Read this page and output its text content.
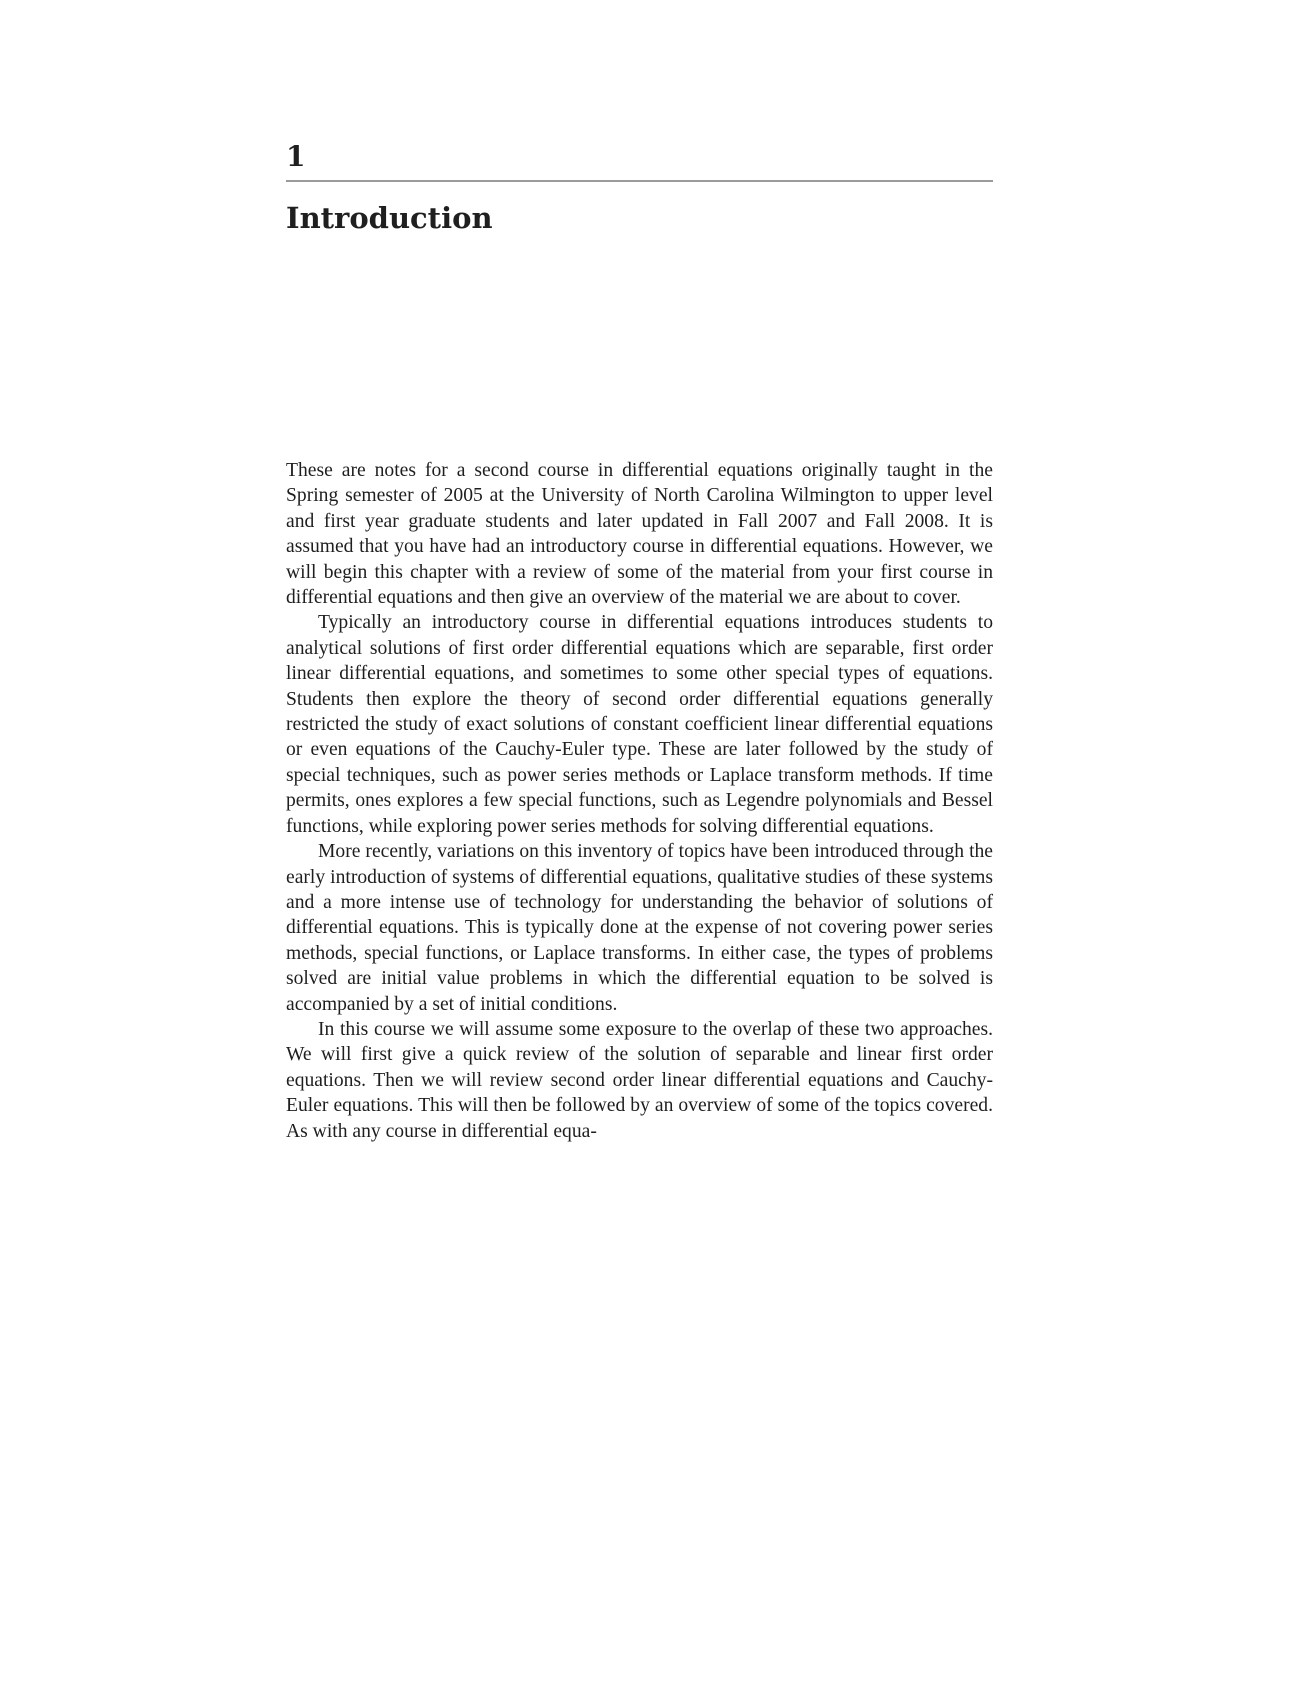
1
Introduction

These are notes for a second course in differential equations originally taught in the Spring semester of 2005 at the University of North Carolina Wilmington to upper level and first year graduate students and later updated in Fall 2007 and Fall 2008. It is assumed that you have had an introductory course in differential equations. However, we will begin this chapter with a review of some of the material from your first course in differential equations and then give an overview of the material we are about to cover.

Typically an introductory course in differential equations introduces students to analytical solutions of first order differential equations which are separable, first order linear differential equations, and sometimes to some other special types of equations. Students then explore the theory of second order differential equations generally restricted the study of exact solutions of constant coefficient linear differential equations or even equations of the Cauchy-Euler type. These are later followed by the study of special techniques, such as power series methods or Laplace transform methods. If time permits, ones explores a few special functions, such as Legendre polynomials and Bessel functions, while exploring power series methods for solving differential equations.

More recently, variations on this inventory of topics have been introduced through the early introduction of systems of differential equations, qualitative studies of these systems and a more intense use of technology for understanding the behavior of solutions of differential equations. This is typically done at the expense of not covering power series methods, special functions, or Laplace transforms. In either case, the types of problems solved are initial value problems in which the differential equation to be solved is accompanied by a set of initial conditions.

In this course we will assume some exposure to the overlap of these two approaches. We will first give a quick review of the solution of separable and linear first order equations. Then we will review second order linear differential equations and Cauchy-Euler equations. This will then be followed by an overview of some of the topics covered. As with any course in differential equa-
